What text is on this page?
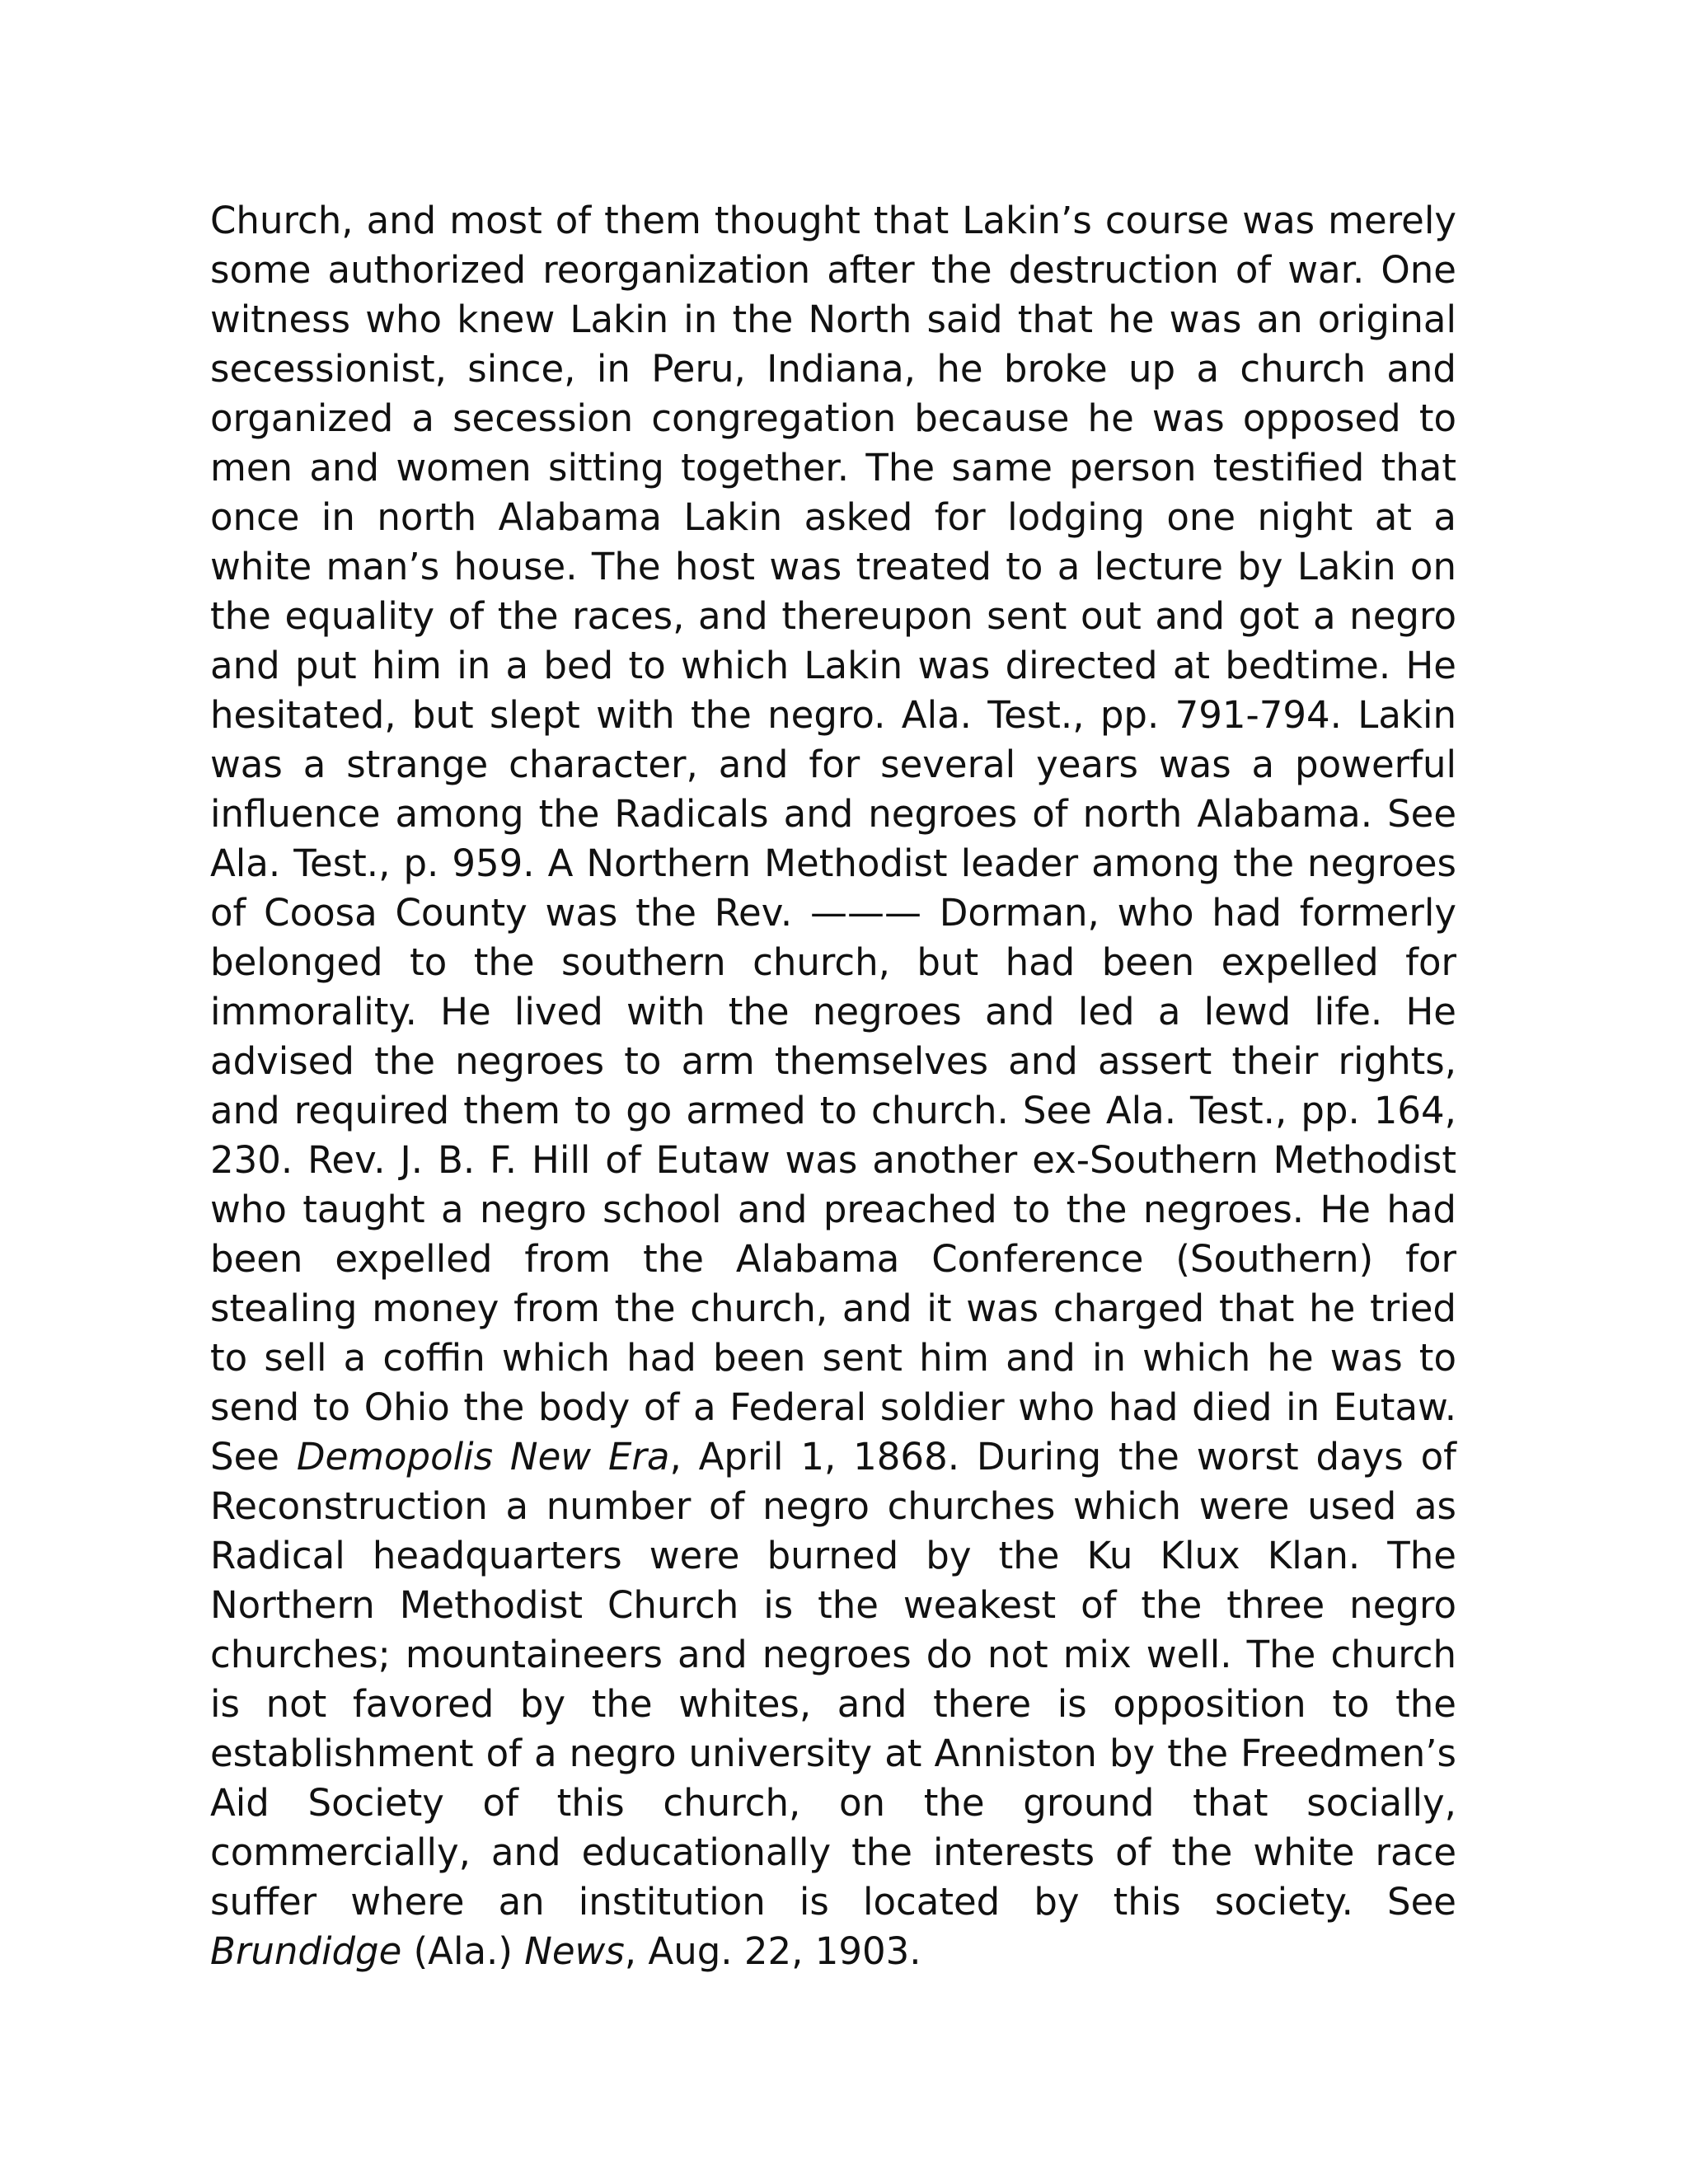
Church, and most of them thought that Lakin’s course was merely some authorized reorganization after the destruction of war. One witness who knew Lakin in the North said that he was an original secessionist, since, in Peru, Indiana, he broke up a church and organized a secession congregation because he was opposed to men and women sitting together. The same person testified that once in north Alabama Lakin asked for lodging one night at a white man’s house. The host was treated to a lecture by Lakin on the equality of the races, and thereupon sent out and got a negro and put him in a bed to which Lakin was directed at bedtime. He hesitated, but slept with the negro. Ala. Test., pp. 791-794. Lakin was a strange character, and for several years was a powerful influence among the Radicals and negroes of north Alabama. See Ala. Test., p. 959. A Northern Methodist leader among the negroes of Coosa County was the Rev. ——— Dorman, who had formerly belonged to the southern church, but had been expelled for immorality. He lived with the negroes and led a lewd life. He advised the negroes to arm themselves and assert their rights, and required them to go armed to church. See Ala. Test., pp. 164, 230. Rev. J. B. F. Hill of Eutaw was another ex-Southern Methodist who taught a negro school and preached to the negroes. He had been expelled from the Alabama Conference (Southern) for stealing money from the church, and it was charged that he tried to sell a coffin which had been sent him and in which he was to send to Ohio the body of a Federal soldier who had died in Eutaw. See Demopolis New Era, April 1, 1868. During the worst days of Reconstruction a number of negro churches which were used as Radical headquarters were burned by the Ku Klux Klan. The Northern Methodist Church is the weakest of the three negro churches; mountaineers and negroes do not mix well. The church is not favored by the whites, and there is opposition to the establishment of a negro university at Anniston by the Freedmen’s Aid Society of this church, on the ground that socially, commercially, and educationally the interests of the white race suffer where an institution is located by this society. See Brundidge (Ala.) News, Aug. 22, 1903.
